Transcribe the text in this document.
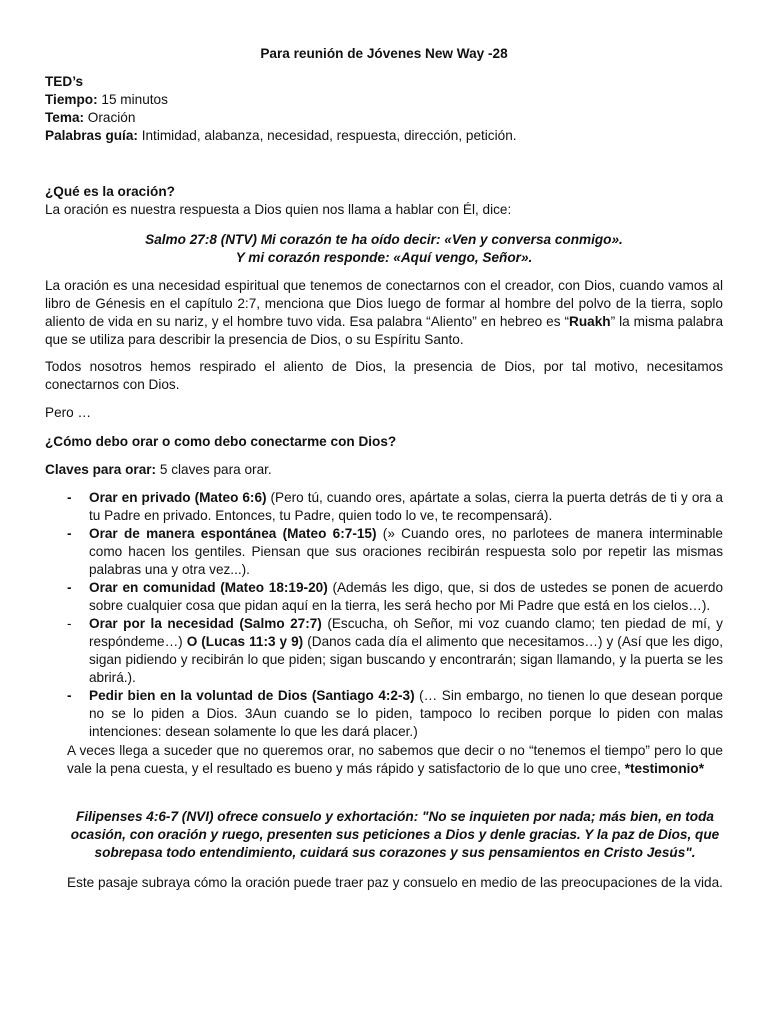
Para reunión de Jóvenes New Way -28

TED’s

Tiempo: 15 minutos

Tema: Oración

Palabras guía: Intimidad, alabanza, necesidad, respuesta, dirección, petición.

¿Qué es la oración?

La oración es nuestra respuesta a Dios quien nos llama a hablar con Él, dice:

Salmo 27:8 (NTV) Mi corazón te ha oído decir: «Ven y conversa conmigo».

Y mi corazón responde: «Aquí vengo, Señor».

La oración es una necesidad espiritual que tenemos de conectarnos con el creador, con Dios, cuando vamos al libro de Génesis en el capítulo 2:7, menciona que Dios luego de formar al hombre del polvo de la tierra, soplo aliento de vida en su nariz, y el hombre tuvo vida. Esa palabra “Aliento” en hebreo es “Ruakh” la misma palabra que se utiliza para describir la presencia de Dios, o su Espíritu Santo.

Todos nosotros hemos respirado el aliento de Dios, la presencia de Dios, por tal motivo, necesitamos conectarnos con Dios.

Pero …

¿Cómo debo orar o como debo conectarme con Dios?

Claves para orar: 5 claves para orar.

- Orar en privado (Mateo 6:6) (Pero tú, cuando ores, apártate a solas, cierra la puerta detrás de ti y ora a tu Padre en privado. Entonces, tu Padre, quien todo lo ve, te recompensará).
- Orar de manera espontánea (Mateo 6:7-15) (» Cuando ores, no parlotees de manera interminable como hacen los gentiles. Piensan que sus oraciones recibirán respuesta solo por repetir las mismas palabras una y otra vez...).
- Orar en comunidad (Mateo 18:19-20) (Además les digo, que, si dos de ustedes se ponen de acuerdo sobre cualquier cosa que pidan aquí en la tierra, les será hecho por Mi Padre que está en los cielos…).
- Orar por la necesidad (Salmo 27:7) (Escucha, oh Señor, mi voz cuando clamo; ten piedad de mí, y respóndeme…) O (Lucas 11:3 y 9) (Danos cada día el alimento que necesitamos…) y (Así que les digo, sigan pidiendo y recibirán lo que piden; sigan buscando y encontrarán; sigan llamando, y la puerta se les abrirá.).
- Pedir bien en la voluntad de Dios (Santiago 4:2-3) (… Sin embargo, no tienen lo que desean porque no se lo piden a Dios. 3Aun cuando se lo piden, tampoco lo reciben porque lo piden con malas intenciones: desean solamente lo que les dará placer.)

A veces llega a suceder que no queremos orar, no sabemos que decir o no “tenemos el tiempo” pero lo que vale la pena cuesta, y el resultado es bueno y más rápido y satisfactorio de lo que uno cree, *testimonio*

Filipenses 4:6-7 (NVI) ofrece consuelo y exhortación: "No se inquieten por nada; más bien, en toda ocasión, con oración y ruego, presenten sus peticiones a Dios y denle gracias. Y la paz de Dios, que sobrepasa todo entendimiento, cuidará sus corazones y sus pensamientos en Cristo Jesús".

Este pasaje subraya cómo la oración puede traer paz y consuelo en medio de las preocupaciones de la vida.
